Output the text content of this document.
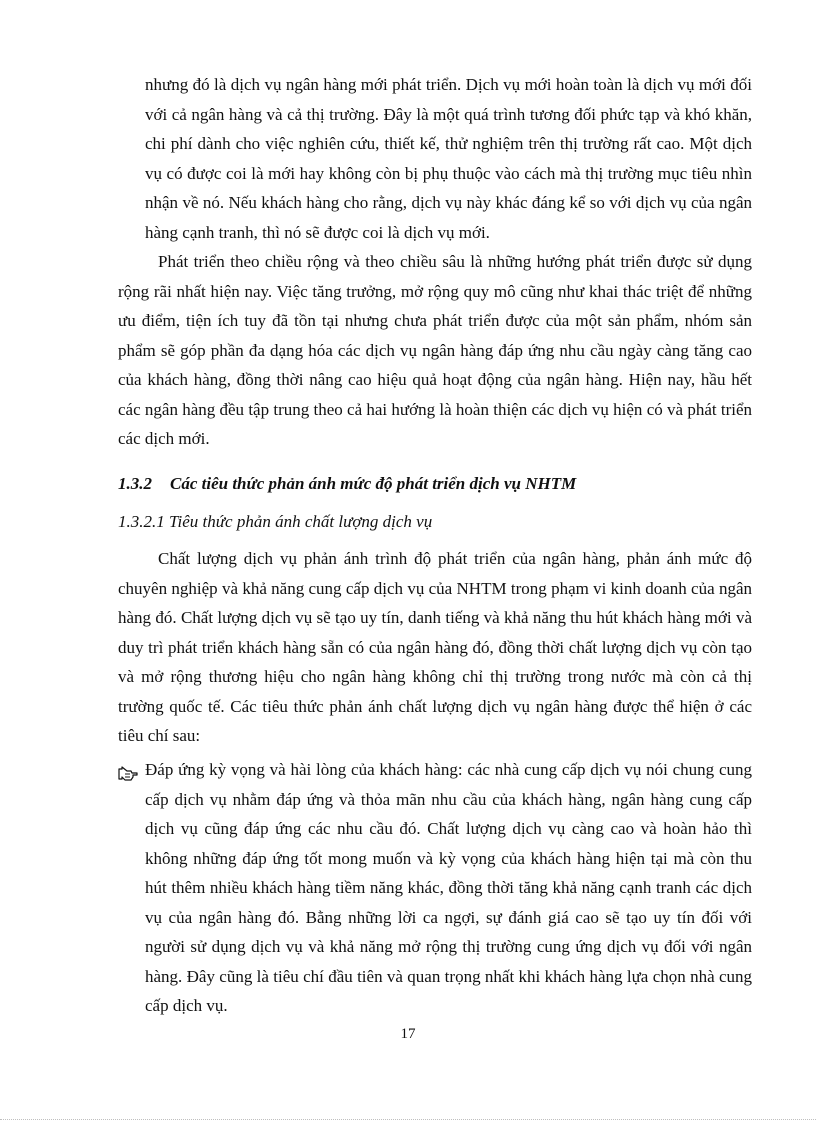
nhưng đó là dịch vụ ngân hàng mới phát triển. Dịch vụ mới hoàn toàn là dịch vụ mới đối với cả ngân hàng và cả thị trường. Đây là một quá trình tương đối phức tạp và khó khăn, chi phí dành cho việc nghiên cứu, thiết kế, thử nghiệm trên thị trường rất cao. Một dịch vụ có được coi là mới hay không còn bị phụ thuộc vào cách mà thị trường mục tiêu nhìn nhận về nó. Nếu khách hàng cho rằng, dịch vụ này khác đáng kể so với dịch vụ của ngân hàng cạnh tranh, thì nó sẽ được coi là dịch vụ mới.

Phát triển theo chiều rộng và theo chiều sâu là những hướng phát triển được sử dụng rộng rãi nhất hiện nay. Việc tăng trưởng, mở rộng quy mô cũng như khai thác triệt để những ưu điểm, tiện ích tuy đã tồn tại nhưng chưa phát triển được của một sản phẩm, nhóm sản phẩm sẽ góp phần đa dạng hóa các dịch vụ ngân hàng đáp ứng nhu cầu ngày càng tăng cao của khách hàng, đồng thời nâng cao hiệu quả hoạt động của ngân hàng. Hiện nay, hầu hết các ngân hàng đều tập trung theo cả hai hướng là hoàn thiện các dịch vụ hiện có và phát triển các dịch mới.

1.3.2 Các tiêu thức phản ánh mức độ phát triển dịch vụ NHTM
1.3.2.1 Tiêu thức phản ánh chất lượng dịch vụ

Chất lượng dịch vụ phản ánh trình độ phát triển của ngân hàng, phản ánh mức độ chuyên nghiệp và khả năng cung cấp dịch vụ của NHTM trong phạm vi kinh doanh của ngân hàng đó. Chất lượng dịch vụ sẽ tạo uy tín, danh tiếng và khả năng thu hút khách hàng mới và duy trì phát triển khách hàng sẵn có của ngân hàng đó, đồng thời chất lượng dịch vụ còn tạo và mở rộng thương hiệu cho ngân hàng không chỉ thị trường trong nước mà còn cả thị trường quốc tế. Các tiêu thức phản ánh chất lượng dịch vụ ngân hàng được thể hiện ở các tiêu chí sau:

Đáp ứng kỳ vọng và hài lòng của khách hàng: các nhà cung cấp dịch vụ nói chung cung cấp dịch vụ nhằm đáp ứng và thỏa mãn nhu cầu của khách hàng, ngân hàng cung cấp dịch vụ cũng đáp ứng các nhu cầu đó. Chất lượng dịch vụ càng cao và hoàn hảo thì không những đáp ứng tốt mong muốn và kỳ vọng của khách hàng hiện tại mà còn thu hút thêm nhiều khách hàng tiềm năng khác, đồng thời tăng khả năng cạnh tranh các dịch vụ của ngân hàng đó. Bằng những lời ca ngợi, sự đánh giá cao sẽ tạo uy tín đối với người sử dụng dịch vụ và khả năng mở rộng thị trường cung ứng dịch vụ đối với ngân hàng. Đây cũng là tiêu chí đầu tiên và quan trọng nhất khi khách hàng lựa chọn nhà cung cấp dịch vụ.

17
